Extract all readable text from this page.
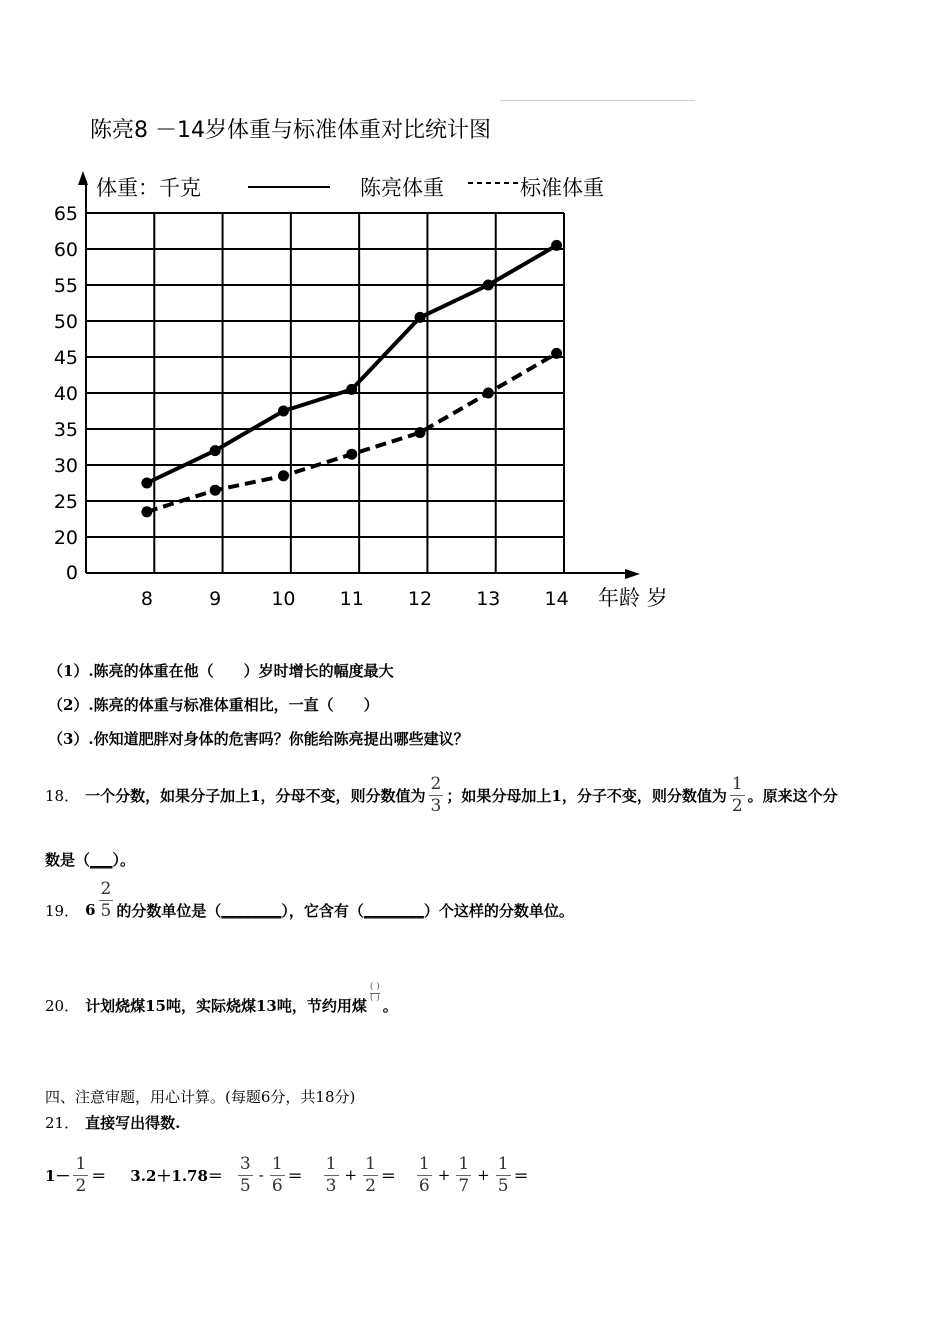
陈亮8 －14岁体重与标准体重对比统计图
体重：千克	陈亮体重	标准体重
年龄 岁
0
20
25
30
35
40
45
50
55
60
65
8	9	10 11 12 13 14
（1）.陈亮的体重在他（　　）岁时增长的幅度最大
（2）.陈亮的体重与标准体重相比，一直（　　）
（3）.你知道肥胖对身体的危害吗？你能给陈亮提出哪些建议？
18． 一个分数，如果分子加上1，分母不变，则分数值为 $\frac{2}{3}$ ；如果分母加上1，分子不变，则分数值为 $\frac{1}{2}$ 。原来这个分
数是（ ___ ）。
19． $6 \frac{2}{5}$ 的分数单位是（ ________ ），它含有（ ________ ）个这样的分数单位。
20． 计划烧煤15吨，实际烧煤13吨，节约用煤
( )
( ) 。
四、注意审题，用心计算。(每题6分，共18分)
21． 直接写出得数.
$1- \frac{1}{2} = 3.2+1.78= \frac{3}{5} - \frac{1}{6} = \frac{1}{3} + \frac{1}{2} = \frac{1}{6} + \frac{1}{7} + \frac{1}{5}$ ＝
